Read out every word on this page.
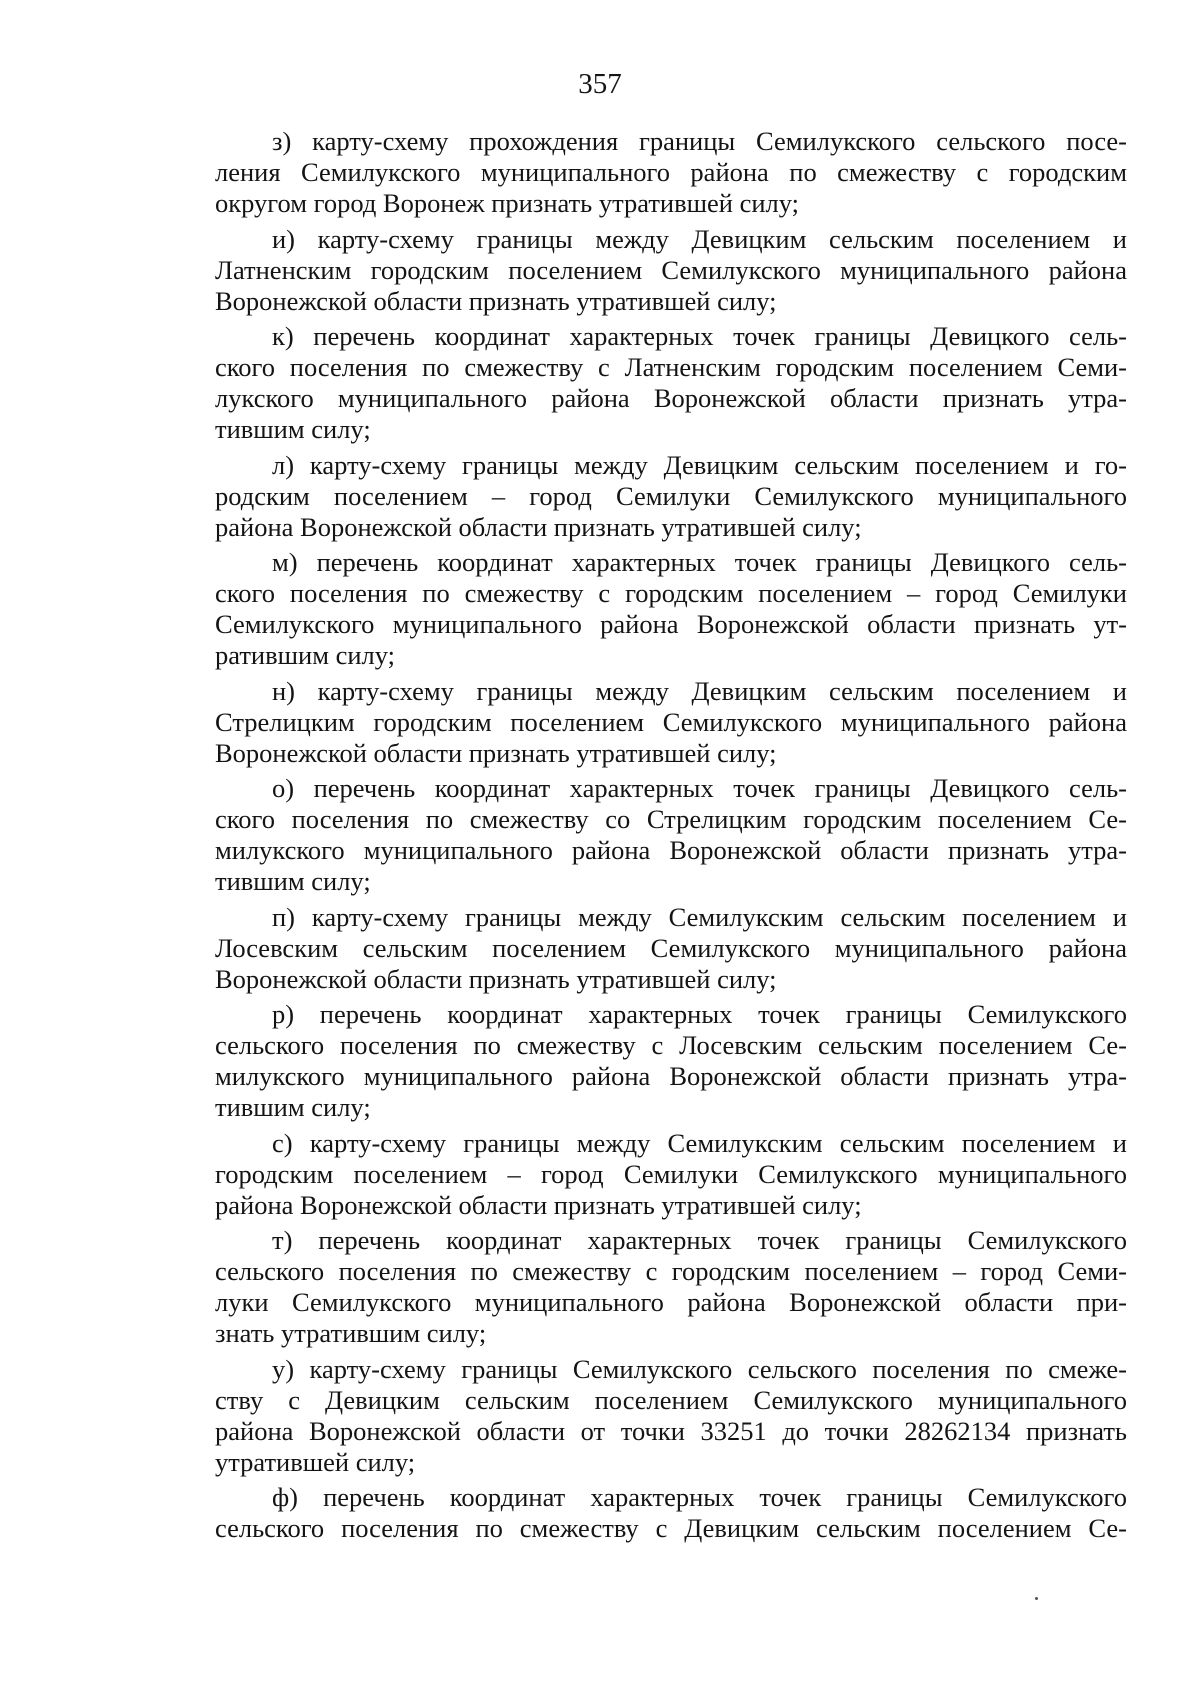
357
з) карту-схему прохождения границы Семилукского сельского посе-
ления Семилукского муниципального района по смежеству с городским
округом город Воронеж признать утратившей силу;
и) карту-схему границы между Девицким сельским поселением и
Латненским городским поселением Семилукского муниципального района
Воронежской области признать утратившей силу;
к) перечень координат характерных точек границы Девицкого сель-
ского поселения по смежеству с Латненским городским поселением Семи-
лукского муниципального района Воронежской области признать утра-
тившим силу;
л) карту-схему границы между Девицким сельским поселением и го-
родским поселением – город Семилуки Семилукского муниципального
района Воронежской области признать утратившей силу;
м) перечень координат характерных точек границы Девицкого сель-
ского поселения по смежеству с городским поселением – город Семилуки
Семилукского муниципального района Воронежской области признать ут-
ратившим силу;
н) карту-схему границы между Девицким сельским поселением и
Стрелицким городским поселением Семилукского муниципального района
Воронежской области признать утратившей силу;
о) перечень координат характерных точек границы Девицкого сель-
ского поселения по смежеству со Стрелицким городским поселением Се-
милукского муниципального района Воронежской области признать утра-
тившим силу;
п) карту-схему границы между Семилукским сельским поселением и
Лосевским сельским поселением Семилукского муниципального района
Воронежской области признать утратившей силу;
р) перечень координат характерных точек границы Семилукского
сельского поселения по смежеству с Лосевским сельским поселением Се-
милукского муниципального района Воронежской области признать утра-
тившим силу;
с) карту-схему границы между Семилукским сельским поселением и
городским поселением – город Семилуки Семилукского муниципального
района Воронежской области признать утратившей силу;
т) перечень координат характерных точек границы Семилукского
сельского поселения по смежеству с городским поселением – город Семи-
луки Семилукского муниципального района Воронежской области при-
знать утратившим силу;
у) карту-схему границы Семилукского сельского поселения по смеже-
ству с Девицким сельским поселением Семилукского муниципального
района Воронежской области от точки 33251 до точки 28262134 признать
утратившей силу;
ф) перечень координат характерных точек границы Семилукского
сельского поселения по смежеству с Девицким сельским поселением Се-
